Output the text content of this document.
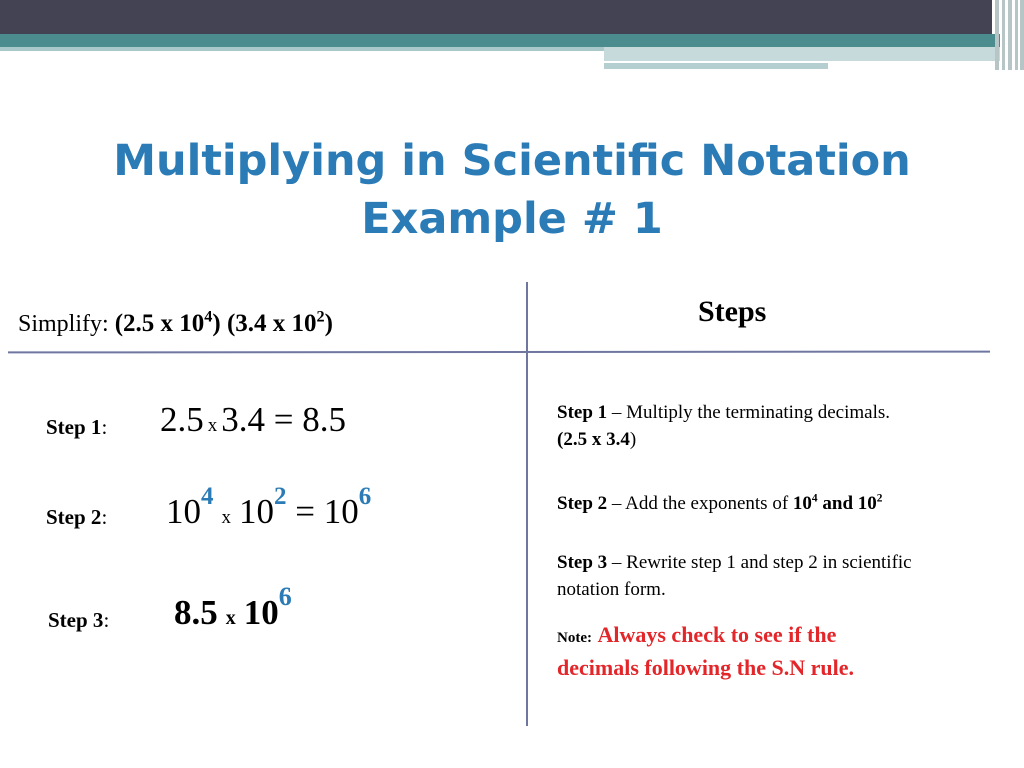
Multiplying in Scientific Notation
Example # 1
Simplify: (2.5 x $10^4$) (3.4 x $10^2$)	Steps
Step 1: 2.5 x 3.4 = 8.5
Step 2: $10^4x$ $10^2 = 10^6$
Step 3: 8.5 x $10^6$
Step 1 – Multiply the terminating decimals.
(2.5 x 3.4)
Step 2 – Add the exponents of $10^4$ and $10^2$
Step 3 – Rewrite step 1 and step 2 in scientific notation form.
Note: Always check to see if the
decimals following the S.N rule.
